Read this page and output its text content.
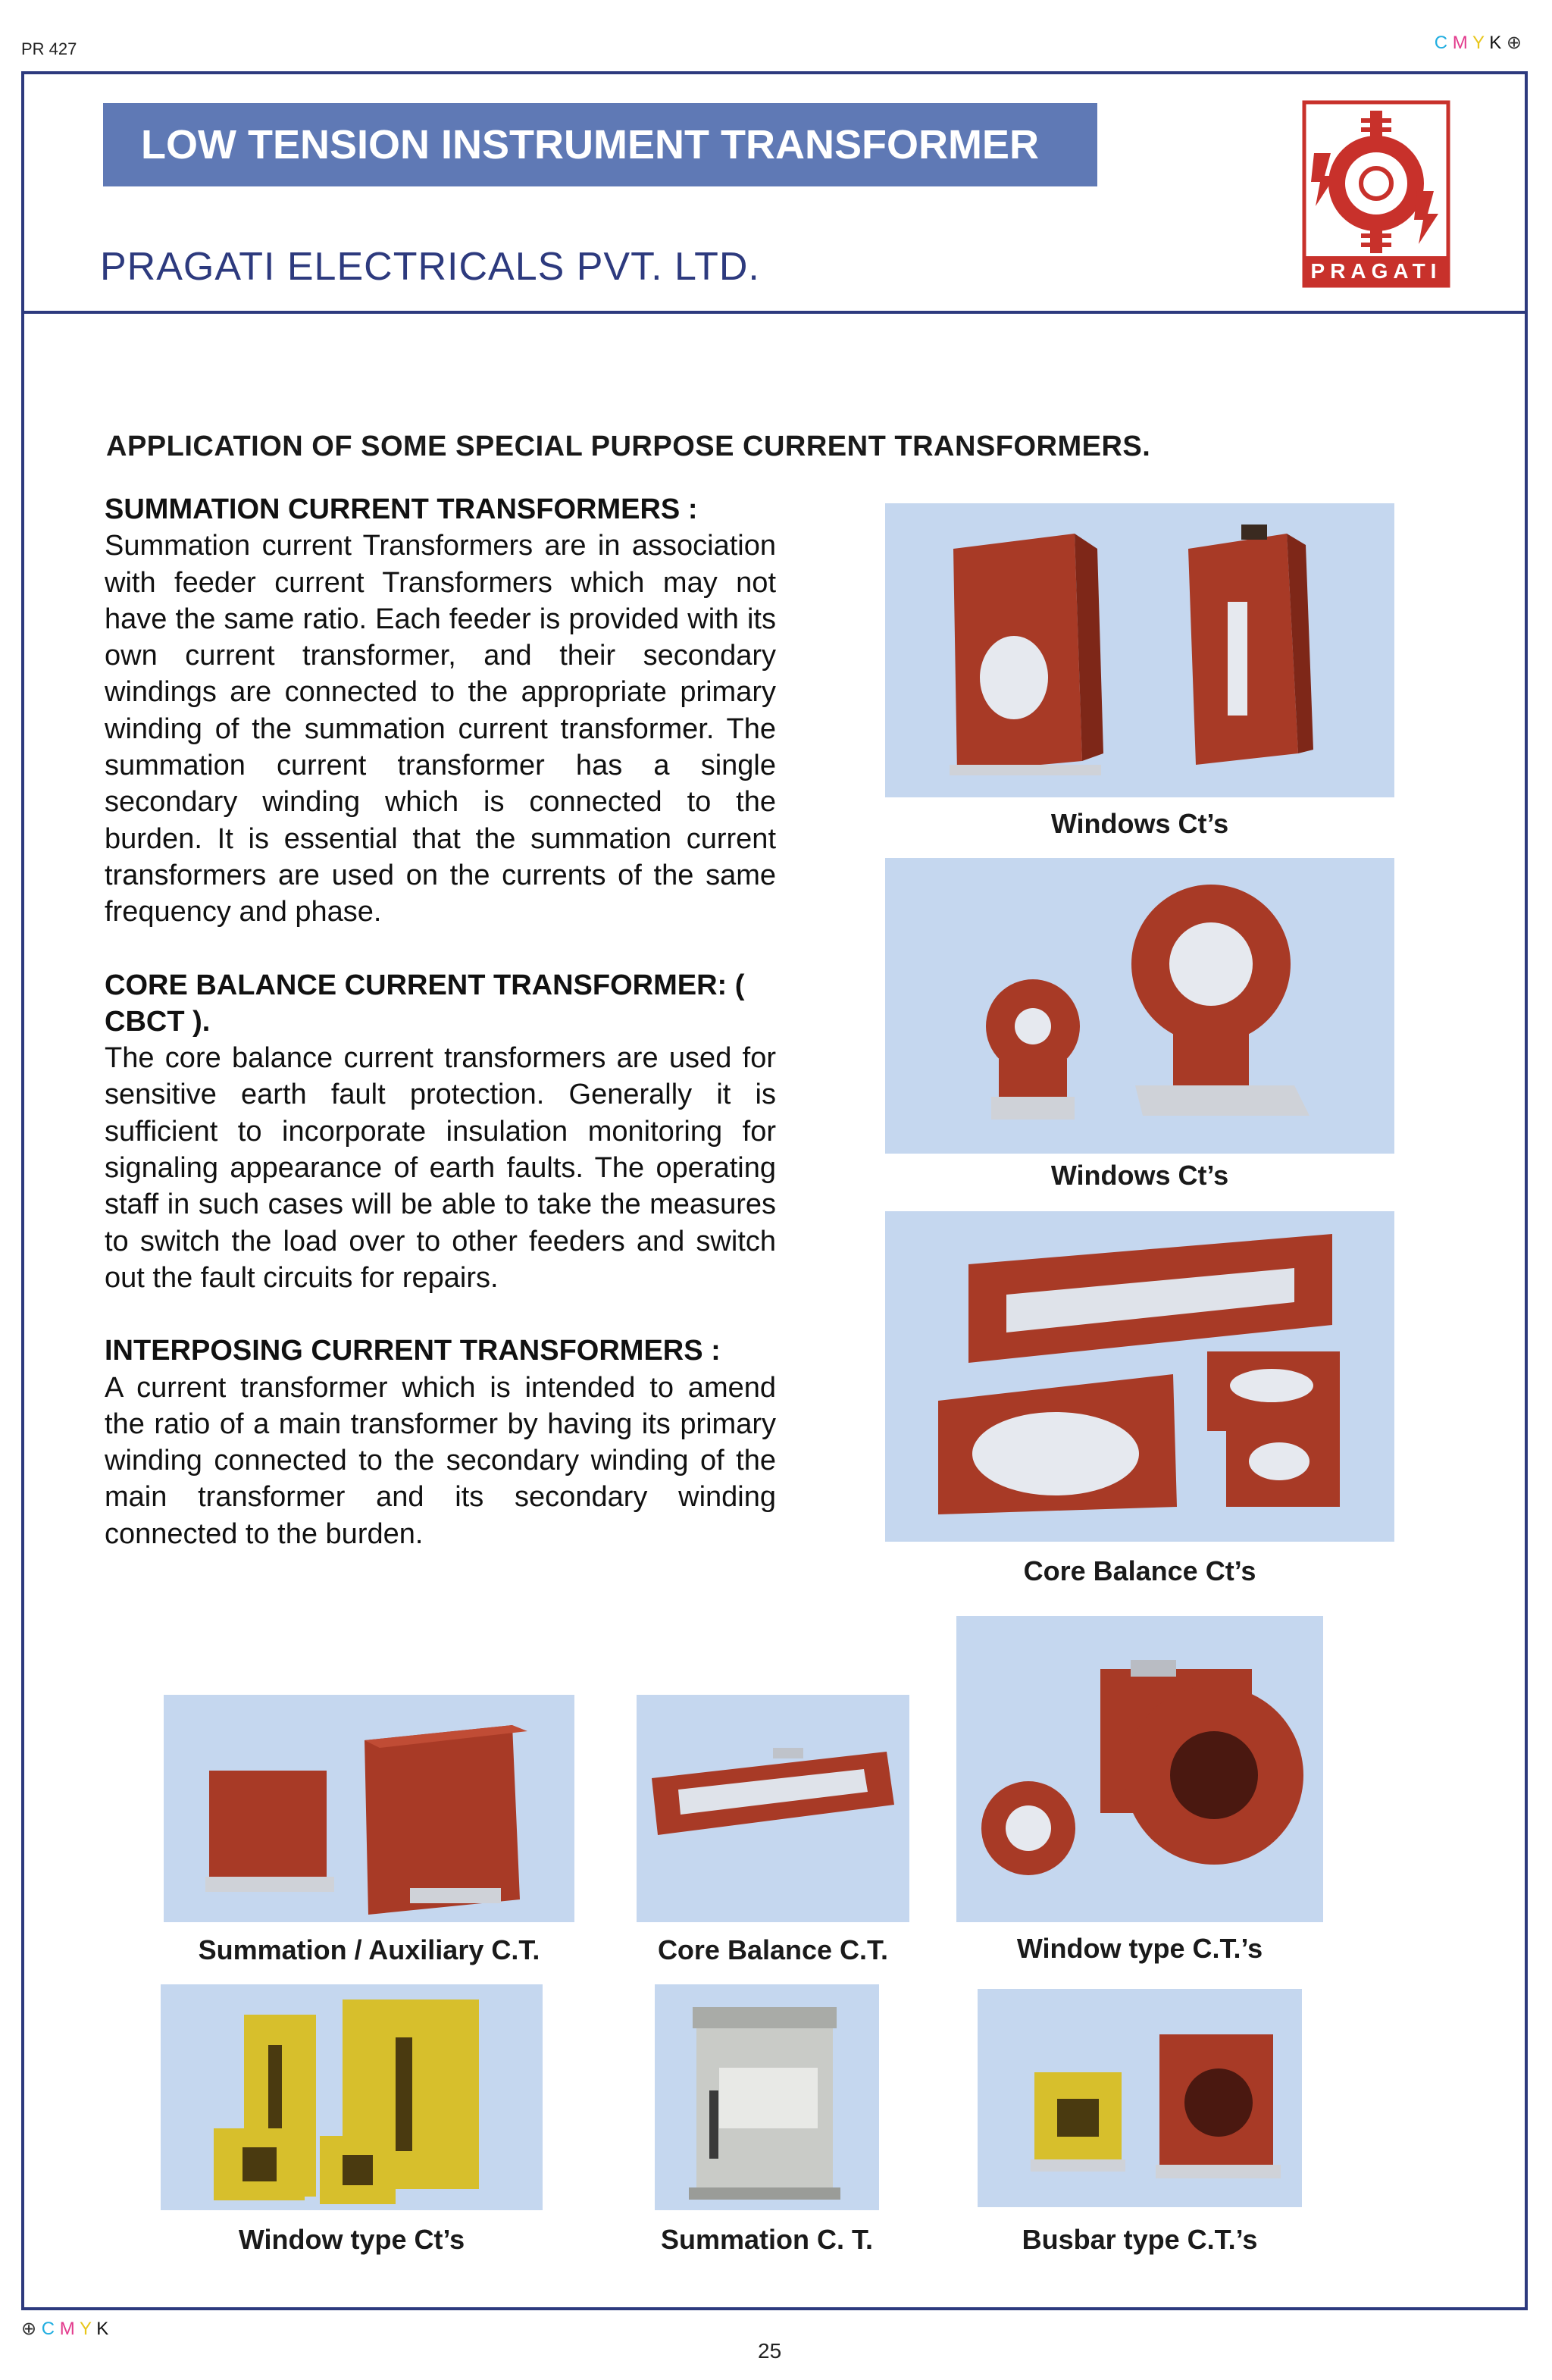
PR 427	C M Y K ⊕
LOW TENSION INSTRUMENT TRANSFORMER
PRAGATI ELECTRICALS PVT. LTD.	PRAGATI
APPLICATION OF SOME SPECIAL PURPOSE CURRENT TRANSFORMERS.
SUMMATION CURRENT TRANSFORMERS :

Summation current Transformers are in association with feeder current Transformers which may not have the same ratio. Each feeder is provided with its own current transformer, and their secondary windings are connected to the appropriate primary winding of the summation current transformer. The summation current transformer has a single secondary winding which is connected to the burden. It is essential that the summation current transformers are used on the currents of the same frequency and phase.

CORE BALANCE CURRENT TRANSFORMER: ( CBCT ).

The core balance current transformers are used for sensitive earth fault protection. Generally it is sufficient to incorporate insulation monitoring for signaling appearance of earth faults. The operating staff in such cases will be able to take the measures to switch the load over to other feeders and switch out the fault circuits for repairs.

INTERPOSING CURRENT TRANSFORMERS :

A current transformer which is intended to amend the ratio of a main transformer by having its primary winding connected to the secondary winding of the main transformer and its secondary winding connected to the burden.

Windows Ct’s
Windows Ct’s
Core Balance Ct’s
Summation / Auxiliary C.T.	Core Balance C.T.	Window type C.T.’s
Window type Ct’s	Summation C. T.	Busbar type C.T.’s
⊕ C M Y K
25
